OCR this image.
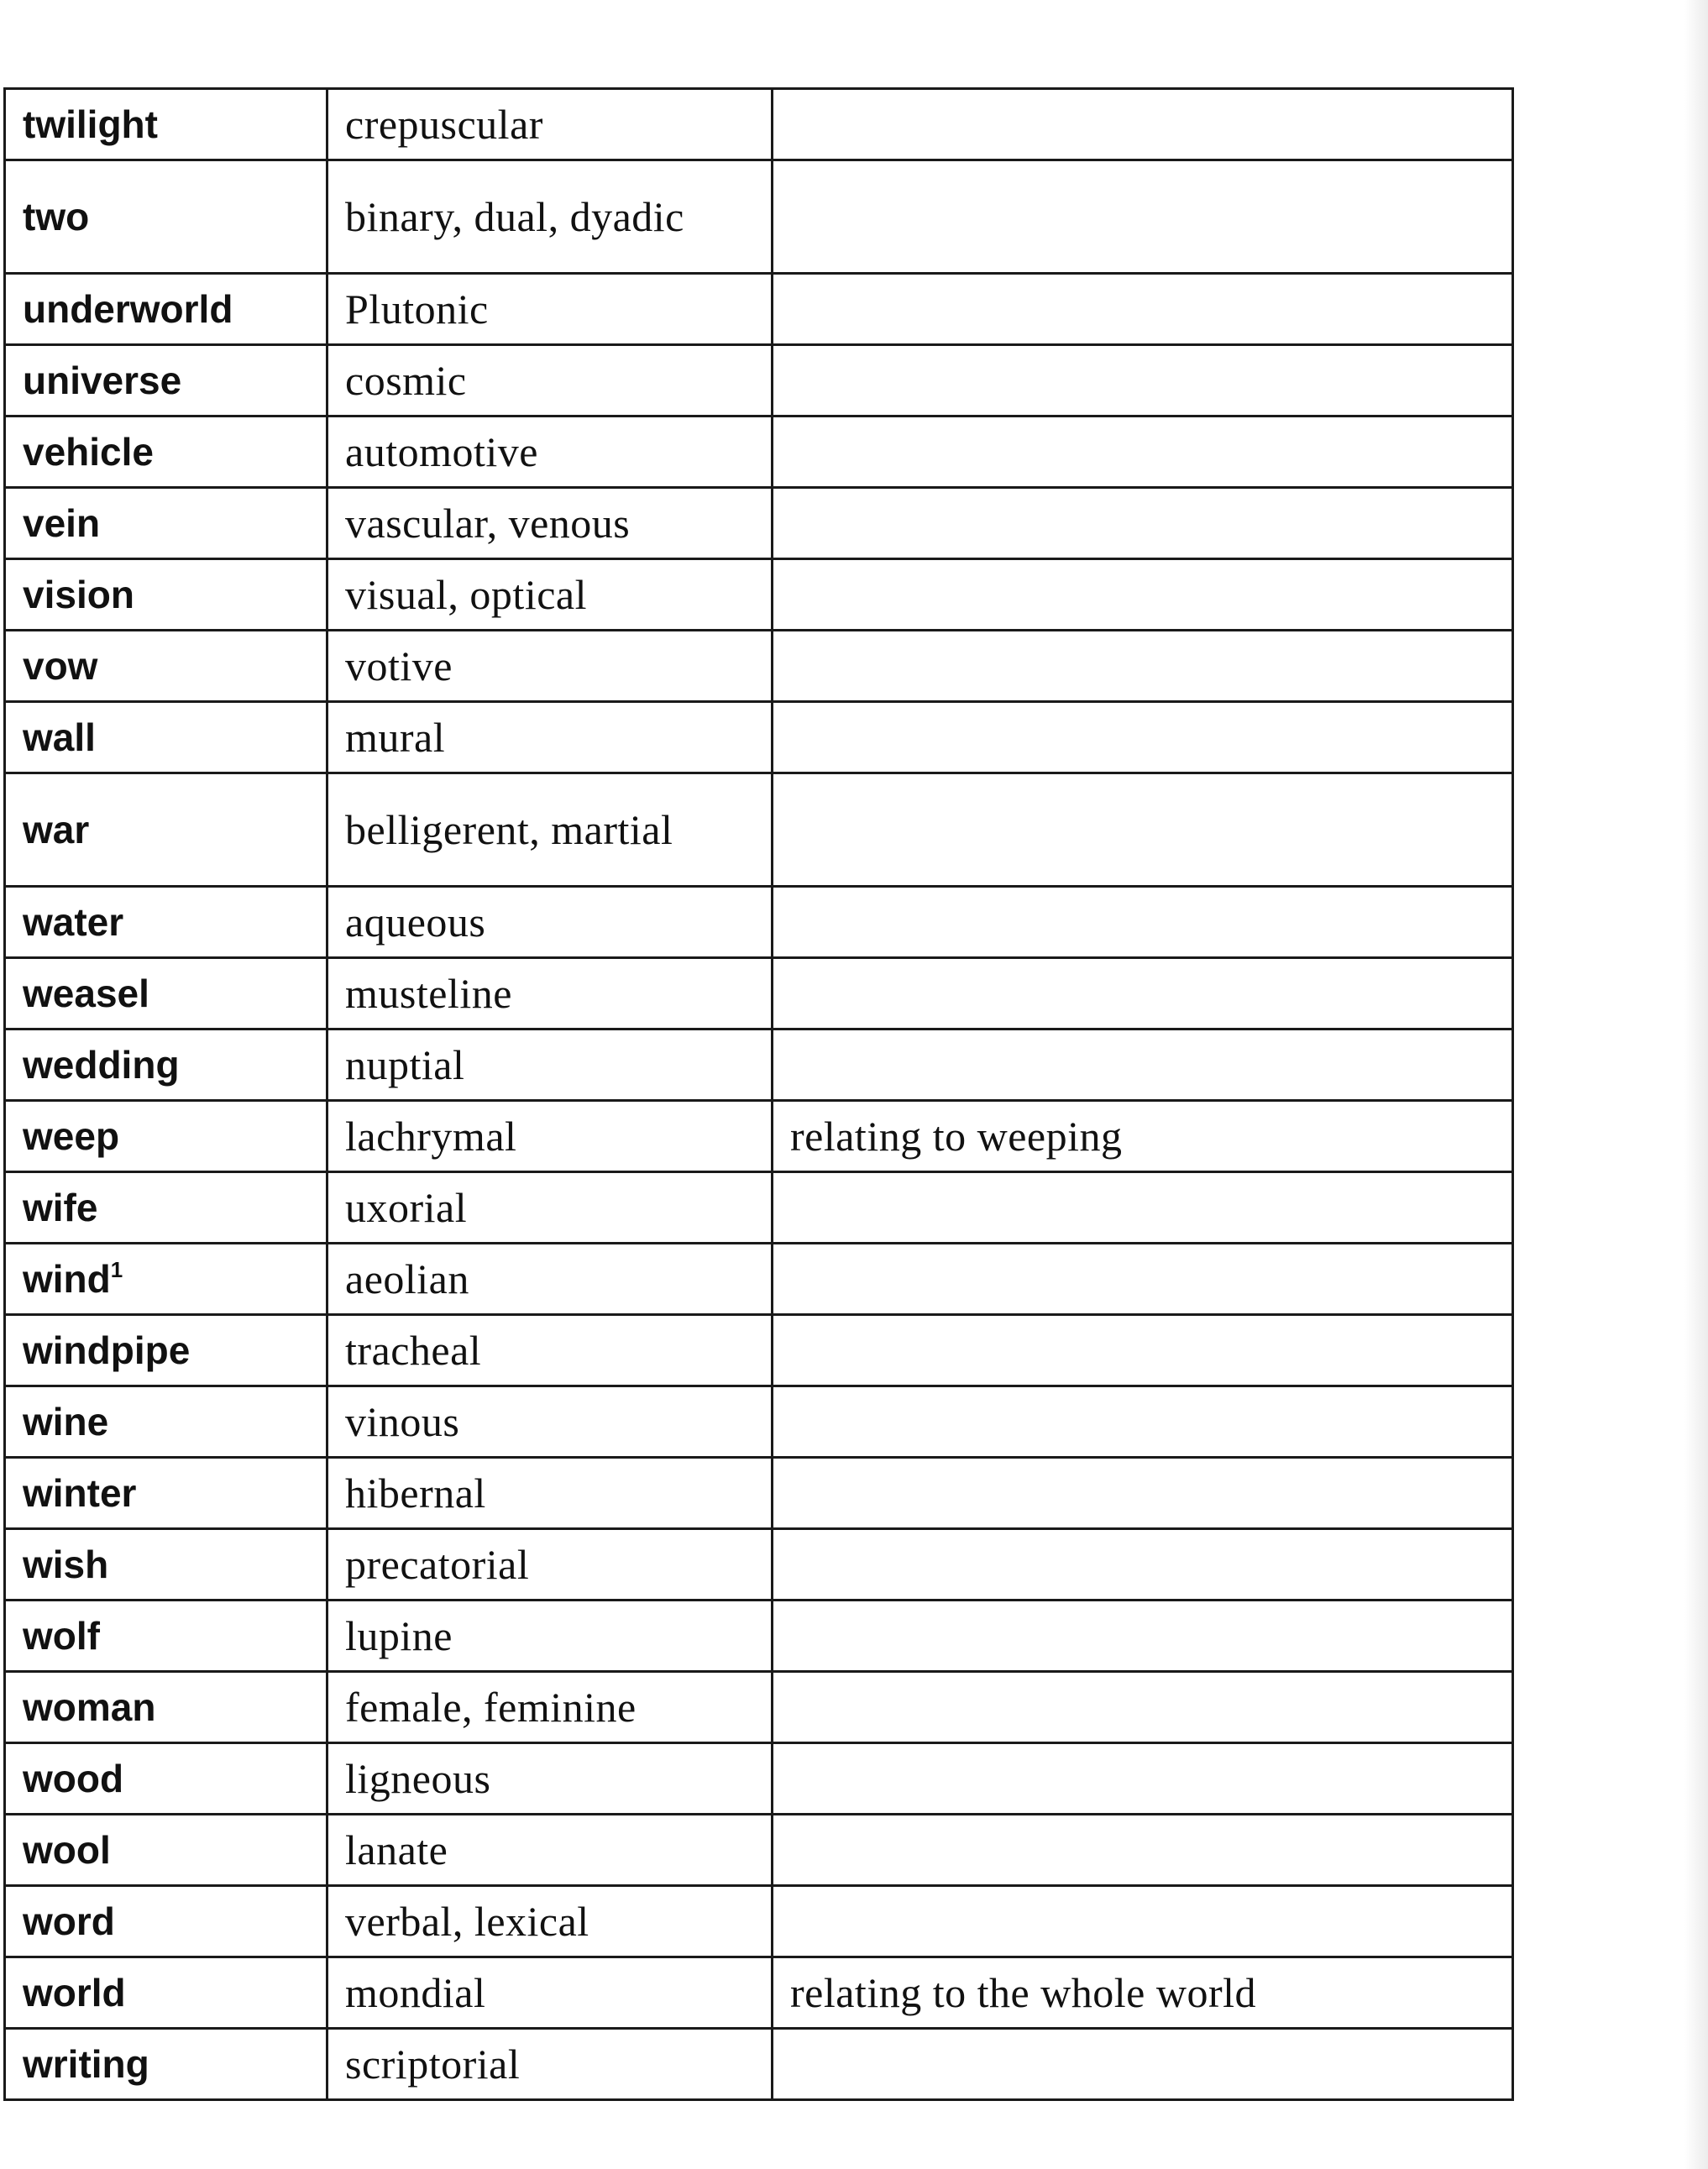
twilight	crepuscular	
two	binary, dual, dyadic	
underworld	Plutonic	
universe	cosmic	
vehicle	automotive	
vein	vascular, venous	
vision	visual, optical	
vow	votive	
wall	mural	
war	belligerent, martial	
water	aqueous	
weasel	musteline	
wedding	nuptial	
weep	lachrymal	relating to weeping
wife	uxorial	
wind$^1$	aeolian	
windpipe	tracheal	
wine	vinous	
winter	hibernal	
wish	precatorial	
wolf	lupine	
woman	female, feminine	
wood	ligneous	
wool	lanate	
word	verbal, lexical	
world	mondial	relating to the whole world
writing	scriptorial	
